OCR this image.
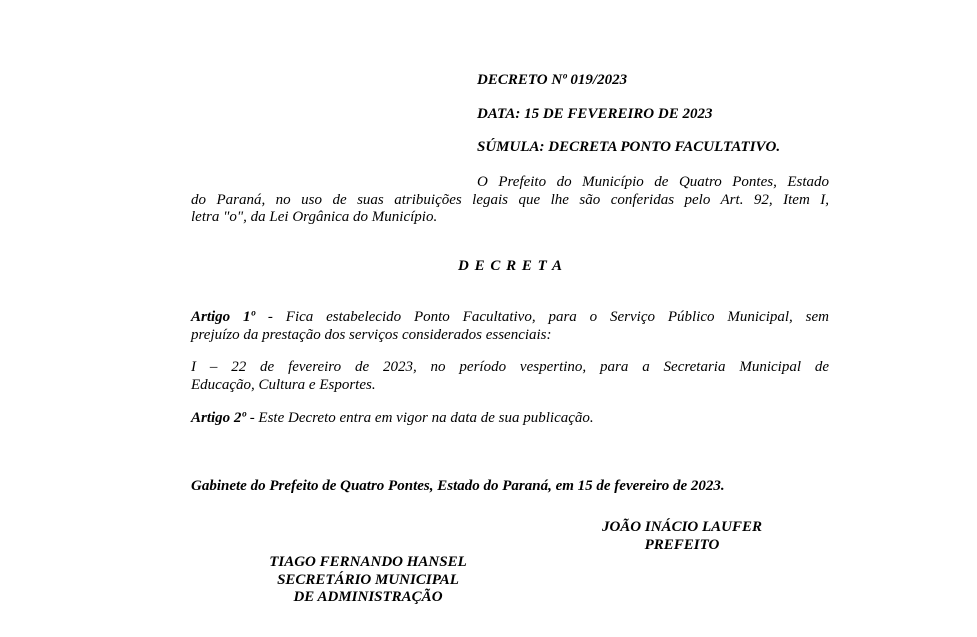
DECRETO Nº 019/2023
DATA: 15 DE FEVEREIRO DE 2023
SÚMULA: DECRETA PONTO FACULTATIVO.
O Prefeito do Município de Quatro Pontes, Estado
do Paraná, no uso de suas atribuições legais que lhe são conferidas pelo Art. 92, Item I,
letra "o", da Lei Orgânica do Município.
D E C R E T A
Artigo 1º - Fica estabelecido Ponto Facultativo, para o Serviço Público Municipal, sem
prejuízo da prestação dos serviços considerados essenciais:
I – 22 de fevereiro de 2023, no período vespertino, para a Secretaria Municipal de
Educação, Cultura e Esportes.
Artigo 2º - Este Decreto entra em vigor na data de sua publicação.
Gabinete do Prefeito de Quatro Pontes, Estado do Paraná, em 15 de fevereiro de 2023.
JOÃO INÁCIO LAUFER
PREFEITO
TIAGO FERNANDO HANSEL
SECRETÁRIO MUNICIPAL
DE ADMINISTRAÇÃO
